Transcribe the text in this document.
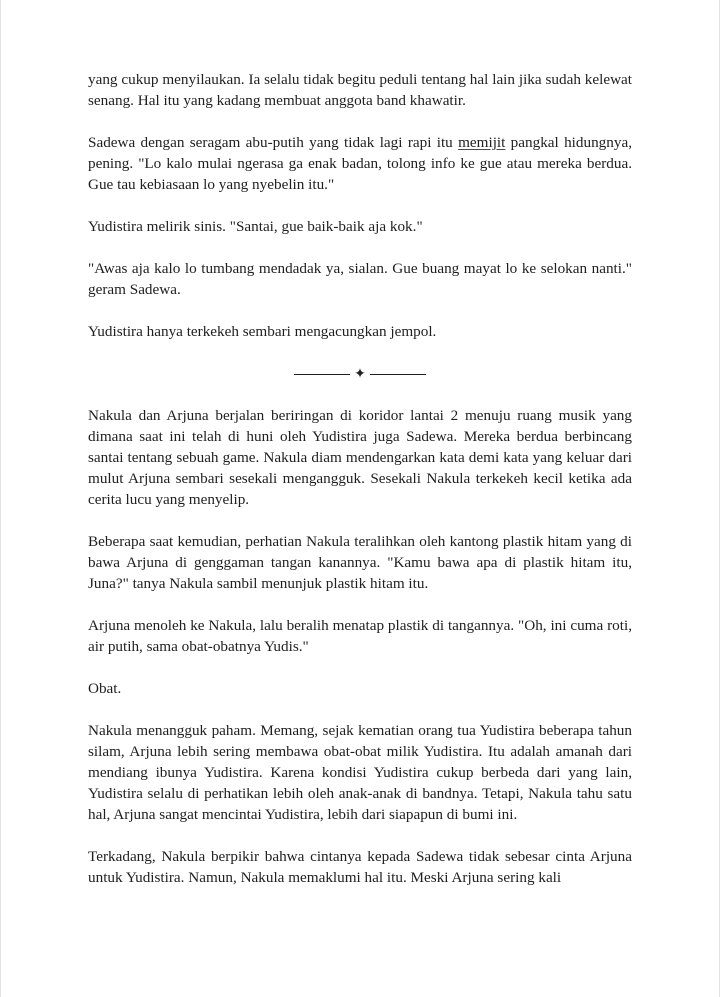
yang cukup menyilaukan. Ia selalu tidak begitu peduli tentang hal lain jika sudah kelewat senang. Hal itu yang kadang membuat anggota band khawatir.

Sadewa dengan seragam abu-putih yang tidak lagi rapi itu memijit pangkal hidungnya, pening. "Lo kalo mulai ngerasa ga enak badan, tolong info ke gue atau mereka berdua. Gue tau kebiasaan lo yang nyebelin itu."

Yudistira melirik sinis. "Santai, gue baik-baik aja kok."

"Awas aja kalo lo tumbang mendadak ya, sialan. Gue buang mayat lo ke selokan nanti." geram Sadewa.

Yudistira hanya terkekeh sembari mengacungkan jempol.

✦

Nakula dan Arjuna berjalan beriringan di koridor lantai 2 menuju ruang musik yang dimana saat ini telah di huni oleh Yudistira juga Sadewa. Mereka berdua berbincang santai tentang sebuah game. Nakula diam mendengarkan kata demi kata yang keluar dari mulut Arjuna sembari sesekali mengangguk. Sesekali Nakula terkekeh kecil ketika ada cerita lucu yang menyelip.

Beberapa saat kemudian, perhatian Nakula teralihkan oleh kantong plastik hitam yang di bawa Arjuna di genggaman tangan kanannya. "Kamu bawa apa di plastik hitam itu, Juna?" tanya Nakula sambil menunjuk plastik hitam itu.

Arjuna menoleh ke Nakula, lalu beralih menatap plastik di tangannya. "Oh, ini cuma roti, air putih, sama obat-obatnya Yudis."

Obat.

Nakula menangguk paham. Memang, sejak kematian orang tua Yudistira beberapa tahun silam, Arjuna lebih sering membawa obat-obat milik Yudistira. Itu adalah amanah dari mendiang ibunya Yudistira. Karena kondisi Yudistira cukup berbeda dari yang lain, Yudistira selalu di perhatikan lebih oleh anak-anak di bandnya. Tetapi, Nakula tahu satu hal, Arjuna sangat mencintai Yudistira, lebih dari siapapun di bumi ini.

Terkadang, Nakula berpikir bahwa cintanya kepada Sadewa tidak sebesar cinta Arjuna untuk Yudistira. Namun, Nakula memaklumi hal itu. Meski Arjuna sering kali
